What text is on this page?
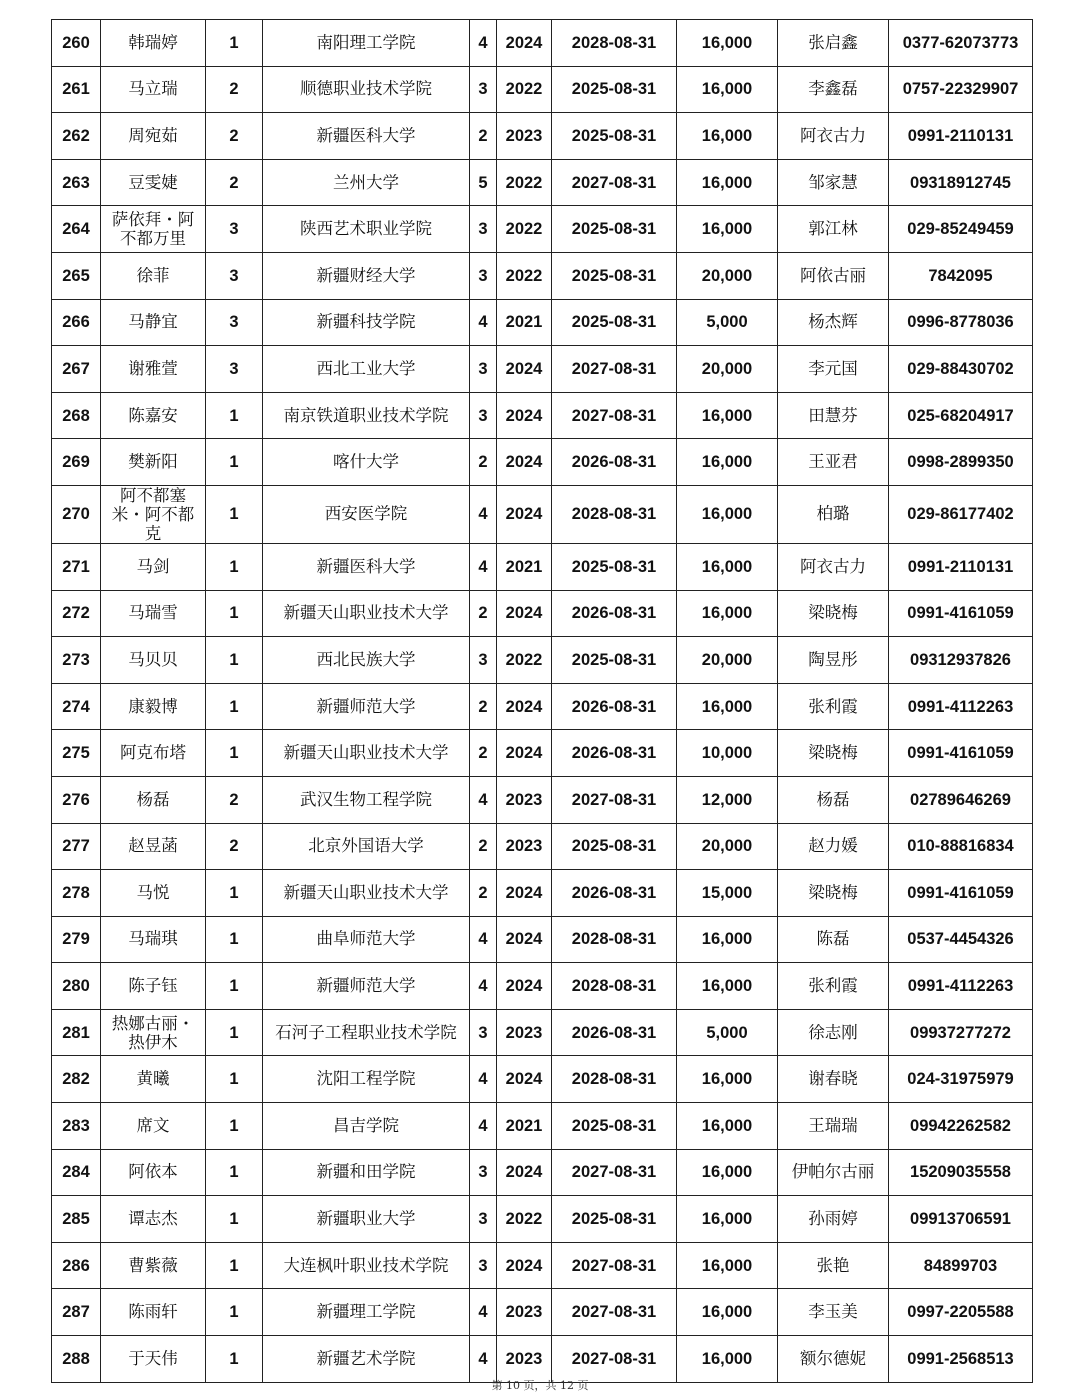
260	韩瑞婷	1	南阳理工学院	4	2024	2028-08-31	16,000	张启鑫	0377-62073773
261	马立瑞	2	顺德职业技术学院	3	2022	2025-08-31	16,000	李鑫磊	0757-22329907
262	周宛茹	2	新疆医科大学	2	2023	2025-08-31	16,000	阿衣古力	0991-2110131
263	豆雯婕	2	兰州大学	5	2022	2027-08-31	16,000	邹家慧	09318912745
264	萨依拜・阿不都万里	3	陕西艺术职业学院	3	2022	2025-08-31	16,000	郭江林	029-85249459
265	徐菲	3	新疆财经大学	3	2022	2025-08-31	20,000	阿依古丽	7842095
266	马静宜	3	新疆科技学院	4	2021	2025-08-31	5,000	杨杰辉	0996-8778036
267	谢雅萱	3	西北工业大学	3	2024	2027-08-31	20,000	李元国	029-88430702
268	陈嘉安	1	南京铁道职业技术学院	3	2024	2027-08-31	16,000	田慧芬	025-68204917
269	樊新阳	1	喀什大学	2	2024	2026-08-31	16,000	王亚君	0998-2899350
270	阿不都塞米・阿不都克	1	西安医学院	4	2024	2028-08-31	16,000	柏璐	029-86177402
271	马剑	1	新疆医科大学	4	2021	2025-08-31	16,000	阿衣古力	0991-2110131
272	马瑞雪	1	新疆天山职业技术大学	2	2024	2026-08-31	16,000	梁晓梅	0991-4161059
273	马贝贝	1	西北民族大学	3	2022	2025-08-31	20,000	陶昱彤	09312937826
274	康毅博	1	新疆师范大学	2	2024	2026-08-31	16,000	张利霞	0991-4112263
275	阿克布塔	1	新疆天山职业技术大学	2	2024	2026-08-31	10,000	梁晓梅	0991-4161059
276	杨磊	2	武汉生物工程学院	4	2023	2027-08-31	12,000	杨磊	02789646269
277	赵昱菡	2	北京外国语大学	2	2023	2025-08-31	20,000	赵力媛	010-88816834
278	马悦	1	新疆天山职业技术大学	2	2024	2026-08-31	15,000	梁晓梅	0991-4161059
279	马瑞琪	1	曲阜师范大学	4	2024	2028-08-31	16,000	陈磊	0537-4454326
280	陈子钰	1	新疆师范大学	4	2024	2028-08-31	16,000	张利霞	0991-4112263
281	热娜古丽・热伊木	1	石河子工程职业技术学院	3	2023	2026-08-31	5,000	徐志刚	09937277272
282	黄曦	1	沈阳工程学院	4	2024	2028-08-31	16,000	谢春晓	024-31975979
283	席文	1	昌吉学院	4	2021	2025-08-31	16,000	王瑞瑞	09942262582
284	阿依本	1	新疆和田学院	3	2024	2027-08-31	16,000	伊帕尔古丽	15209035558
285	谭志杰	1	新疆职业大学	3	2022	2025-08-31	16,000	孙雨婷	09913706591
286	曹紫薇	1	大连枫叶职业技术学院	3	2024	2027-08-31	16,000	张艳	84899703
287	陈雨轩	1	新疆理工学院	4	2023	2027-08-31	16,000	李玉美	0997-2205588
288	于天伟	1	新疆艺术学院	4	2023	2027-08-31	16,000	额尔德妮	0991-2568513
第 10 页，共 12 页
